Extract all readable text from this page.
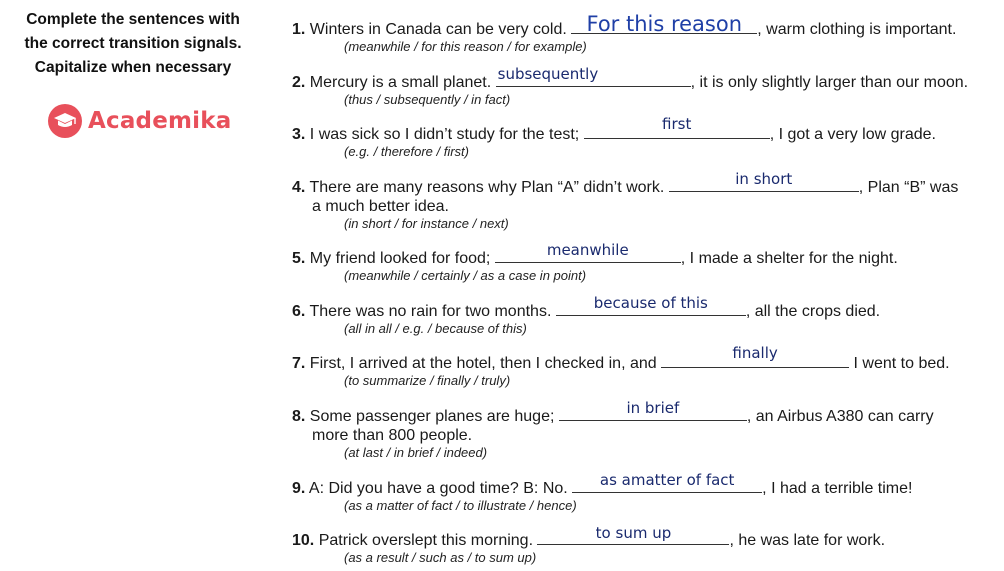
Complete the sentences with
the correct transition signals.
Capitalize when necessary
Academika
1. Winters in Canada can be very cold. For this reason , warm clothing is important.
(meanwhile / for this reason / for example)
2. Mercury is a small planet. subsequently	, it is only slightly larger than our moon.
(thus / subsequently / in fact)
3. I was sick so I didn’t study for the test;
first
, I got a very low grade.
(e.g. / therefore / first)
4. There are many reasons why Plan “A” didn’t work.	in short	, Plan “B” was
a much better idea.
(in short / for instance / next)
5. My friend looked for food;	meanwhile	, I made a shelter for the night.
(meanwhile / certainly / as a case in point)
6. There was no rain for two months.	because of this	, all the crops died.
(all in all / e.g. / because of this)
7. First, I arrived at the hotel, then I checked in, and
finally
I went to bed.
(to summarize / finally / truly)
8. Some passenger planes are huge;	in brief	, an Airbus A380 can carry
more than 800 people.
(at last / in brief / indeed)
9. A: Did you have a good time? B: No.	as amatter of fact	, I had a terrible time!
(as a matter of fact / to illustrate / hence)
10. Patrick overslept this morning.	to sum up	, he was late for work.
(as a result / such as / to sum up)
